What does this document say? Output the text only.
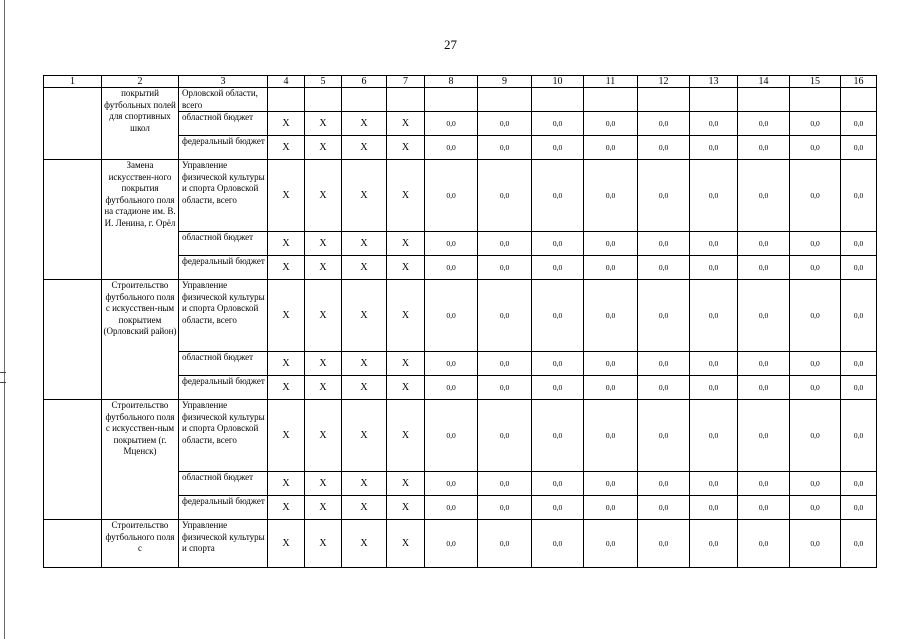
27
1	2	3	4	5	6	7	8	9	10	11	12	13	14	15	16
	покрытий футбольных полей для спортивных школ	Орловской области, всего													
		областной бюджет	Х	Х	Х	Х	0,0	0,0	0,0	0,0	0,0	0,0	0,0	0,0	0,0
		федеральный бюджет	Х	Х	Х	Х	0,0	0,0	0,0	0,0	0,0	0,0	0,0	0,0	0,0
	Замена искусствен-ного покрытия футбольного поля на стадионе им. В. И. Ленина, г. Орёл	Управление физической культуры и спорта Орловской области, всего	Х	Х	Х	Х	0,0	0,0	0,0	0,0	0,0	0,0	0,0	0,0	0,0
		областной бюджет	Х	Х	Х	Х	0,0	0,0	0,0	0,0	0,0	0,0	0,0	0,0	0,0
		федеральный бюджет	Х	Х	Х	Х	0,0	0,0	0,0	0,0	0,0	0,0	0,0	0,0	0,0
	Строительство футбольного поля с искусствен-ным покрытием (Орловский район)	Управление физической культуры и спорта Орловской области, всего	Х	Х	Х	Х	0,0	0,0	0,0	0,0	0,0	0,0	0,0	0,0	0,0
		областной бюджет	Х	Х	Х	Х	0,0	0,0	0,0	0,0	0,0	0,0	0,0	0,0	0,0
		федеральный бюджет	Х	Х	Х	Х	0,0	0,0	0,0	0,0	0,0	0,0	0,0	0,0	0,0
	Строительство футбольного поля с искусствен-ным покрытием (г. Мценск)	Управление физической культуры и спорта Орловской области, всего	Х	Х	Х	Х	0,0	0,0	0,0	0,0	0,0	0,0	0,0	0,0	0,0
		областной бюджет	Х	Х	Х	Х	0,0	0,0	0,0	0,0	0,0	0,0	0,0	0,0	0,0
		федеральный бюджет	Х	Х	Х	Х	0,0	0,0	0,0	0,0	0,0	0,0	0,0	0,0	0,0
	Строительство футбольного поля с	Управление физической культуры и спорта	Х	Х	Х	Х	0,0	0,0	0,0	0,0	0,0	0,0	0,0	0,0	0,0
